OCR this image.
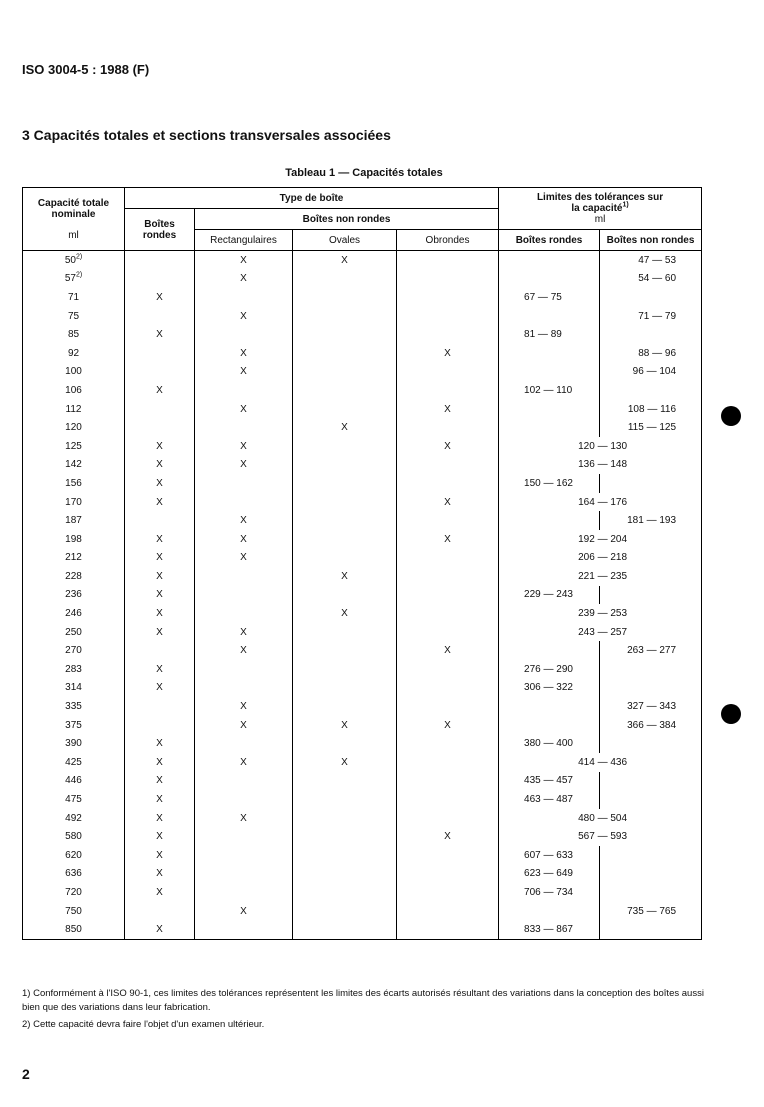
ISO 3004-5 : 1988 (F)
3 Capacités totales et sections transversales associées
Tableau 1 — Capacités totales
Capacité totale
nominale
ml	Type de boîte				Limites des tolérances sur
la capacité$^{1)}$
ml	
	Boîtes
rondes	Boîtes non rondes				
		Rectangulaires	Ovales	Obrondes	Boîtes rondes	Boîtes non rondes
50$^{2)}$		X	X			47 — 53
57$^{2)}$		X				54 — 60
71	X				67 — 75	
75		X				71 — 79
85	X				81 — 89	
92		X		X		88 — 96
100		X				96 — 104
106	X				102 — 110	
112		X		X		108 — 116
120			X			115 — 125
125	X	X		X	120 — 130	
142	X	X			136 — 148	
156	X				150 — 162	
170	X			X	164 — 176	
187		X				181 — 193
198	X	X		X	192 — 204	
212	X	X			206 — 218	
228	X		X		221 — 235	
236	X				229 — 243	
246	X		X		239 — 253	
250	X	X			243 — 257	
270		X		X		263 — 277
283	X				276 — 290	
314	X				306 — 322	
335		X				327 — 343
375		X	X	X		366 — 384
390	X				380 — 400	
425	X	X	X		414 — 436	
446	X				435 — 457	
475	X				463 — 487	
492	X	X			480 — 504	
580	X			X	567 — 593	
620	X				607 — 633	
636	X				623 — 649	
720	X				706 — 734	
750		X				735 — 765
850	X				833 — 867	
1) Conformément à l'ISO 90-1, ces limites des tolérances représentent les limites des écarts autorisés résultant des variations dans la conception des boîtes aussi bien que des variations dans leur fabrication.
2) Cette capacité devra faire l'objet d'un examen ultérieur.
2
